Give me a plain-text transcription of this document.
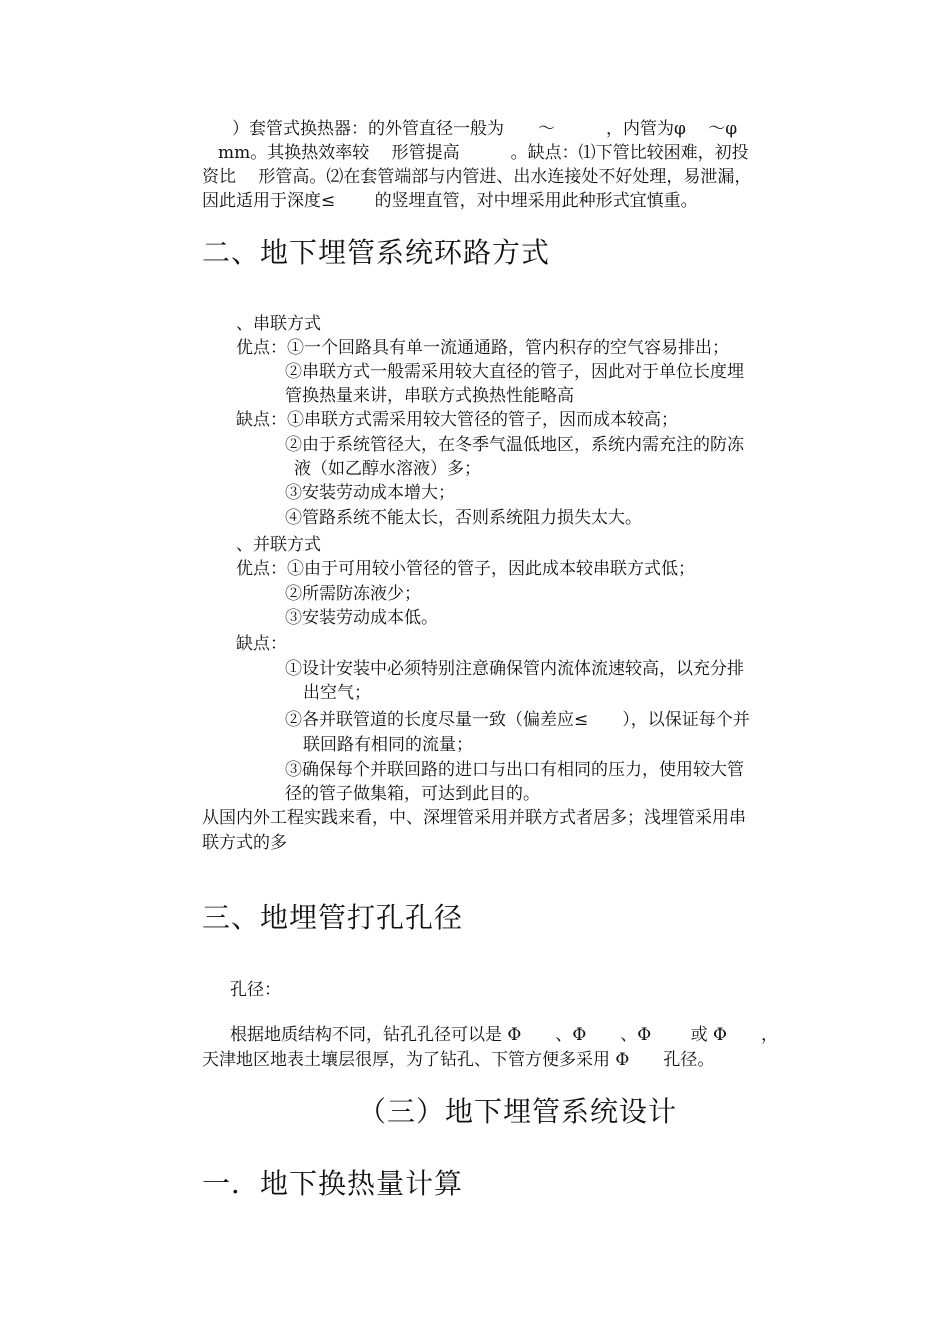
）套管式换热器：的外管直径一般为　　～　　　，内管为φ　 ～φ
mm。其换热效率较　 形管提高　　　。缺点：⑴下管比较困难，初投
资比　 形管高。⑵在套管端部与内管进、出水连接处不好处理，易泄漏，
因此适用于深度≤　　 的竖埋直管，对中埋采用此种形式宜慎重。
二、地下埋管系统环路方式
、串联方式
优点：①一个回路具有单一流通通路，管内积存的空气容易排出；
②串联方式一般需采用较大直径的管子，因此对于单位长度埋
管换热量来讲，串联方式换热性能略高
缺点：①串联方式需采用较大管径的管子，因而成本较高；
②由于系统管径大，在冬季气温低地区，系统内需充注的防冻
液（如乙醇水溶液）多；
③安装劳动成本增大；
④管路系统不能太长，否则系统阻力损失太大。
、并联方式
优点：①由于可用较小管径的管子，因此成本较串联方式低；
②所需防冻液少；
③安装劳动成本低。
缺点：
①设计安装中必须特别注意确保管内流体流速较高，以充分排
出空气；
②各并联管道的长度尽量一致（偏差应≤　　），以保证每个并
联回路有相同的流量；
③确保每个并联回路的进口与出口有相同的压力，使用较大管
径的管子做集箱，可达到此目的。
从国内外工程实践来看，中、深埋管采用并联方式者居多；浅埋管采用串
联方式的多
三、地埋管打孔孔径
孔径：
根据地质结构不同，钻孔孔径可以是 Φ　　、Φ　　、Φ　　 或 Φ　　，
天津地区地表土壤层很厚，为了钻孔、下管方便多采用 Φ　　孔径。
（三）地下埋管系统设计
一．地下换热量计算
